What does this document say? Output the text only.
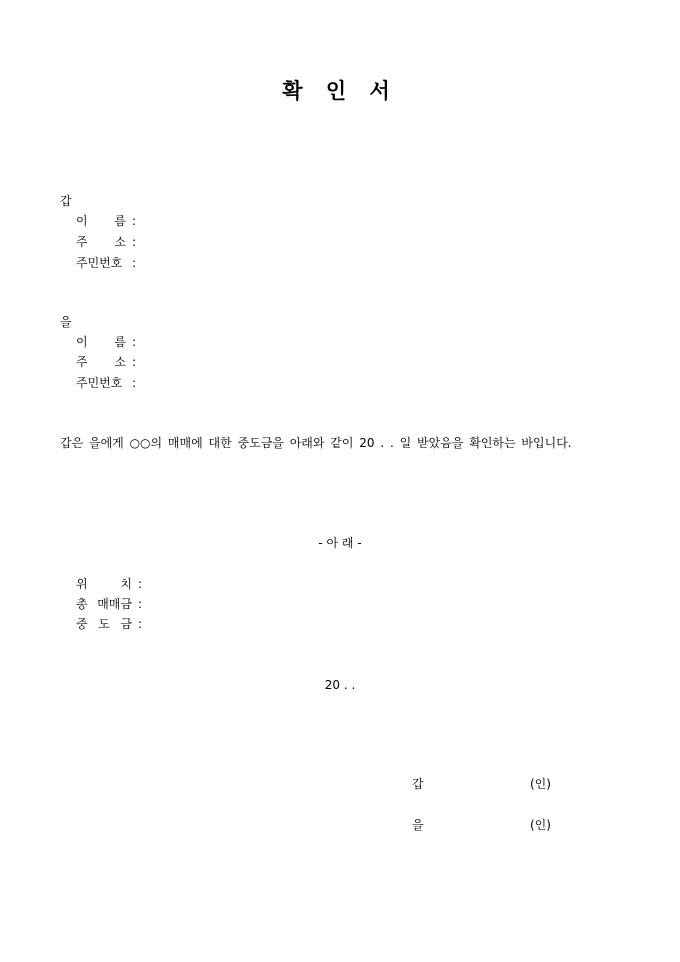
확 인 서
갑
이 름 :
주 소 :
주민번호 :
을
이 름 :
주 소 :
주민번호 :
갑은 을에게 ○○의 매매에 대한 중도금을 아래와 같이 20 . . 일 받았음을 확인하는 바입니다.
- 아 래 -
위 치 :
총 매매금 :
중 도 금 :
20 . .
갑	(인)
을	(인)
